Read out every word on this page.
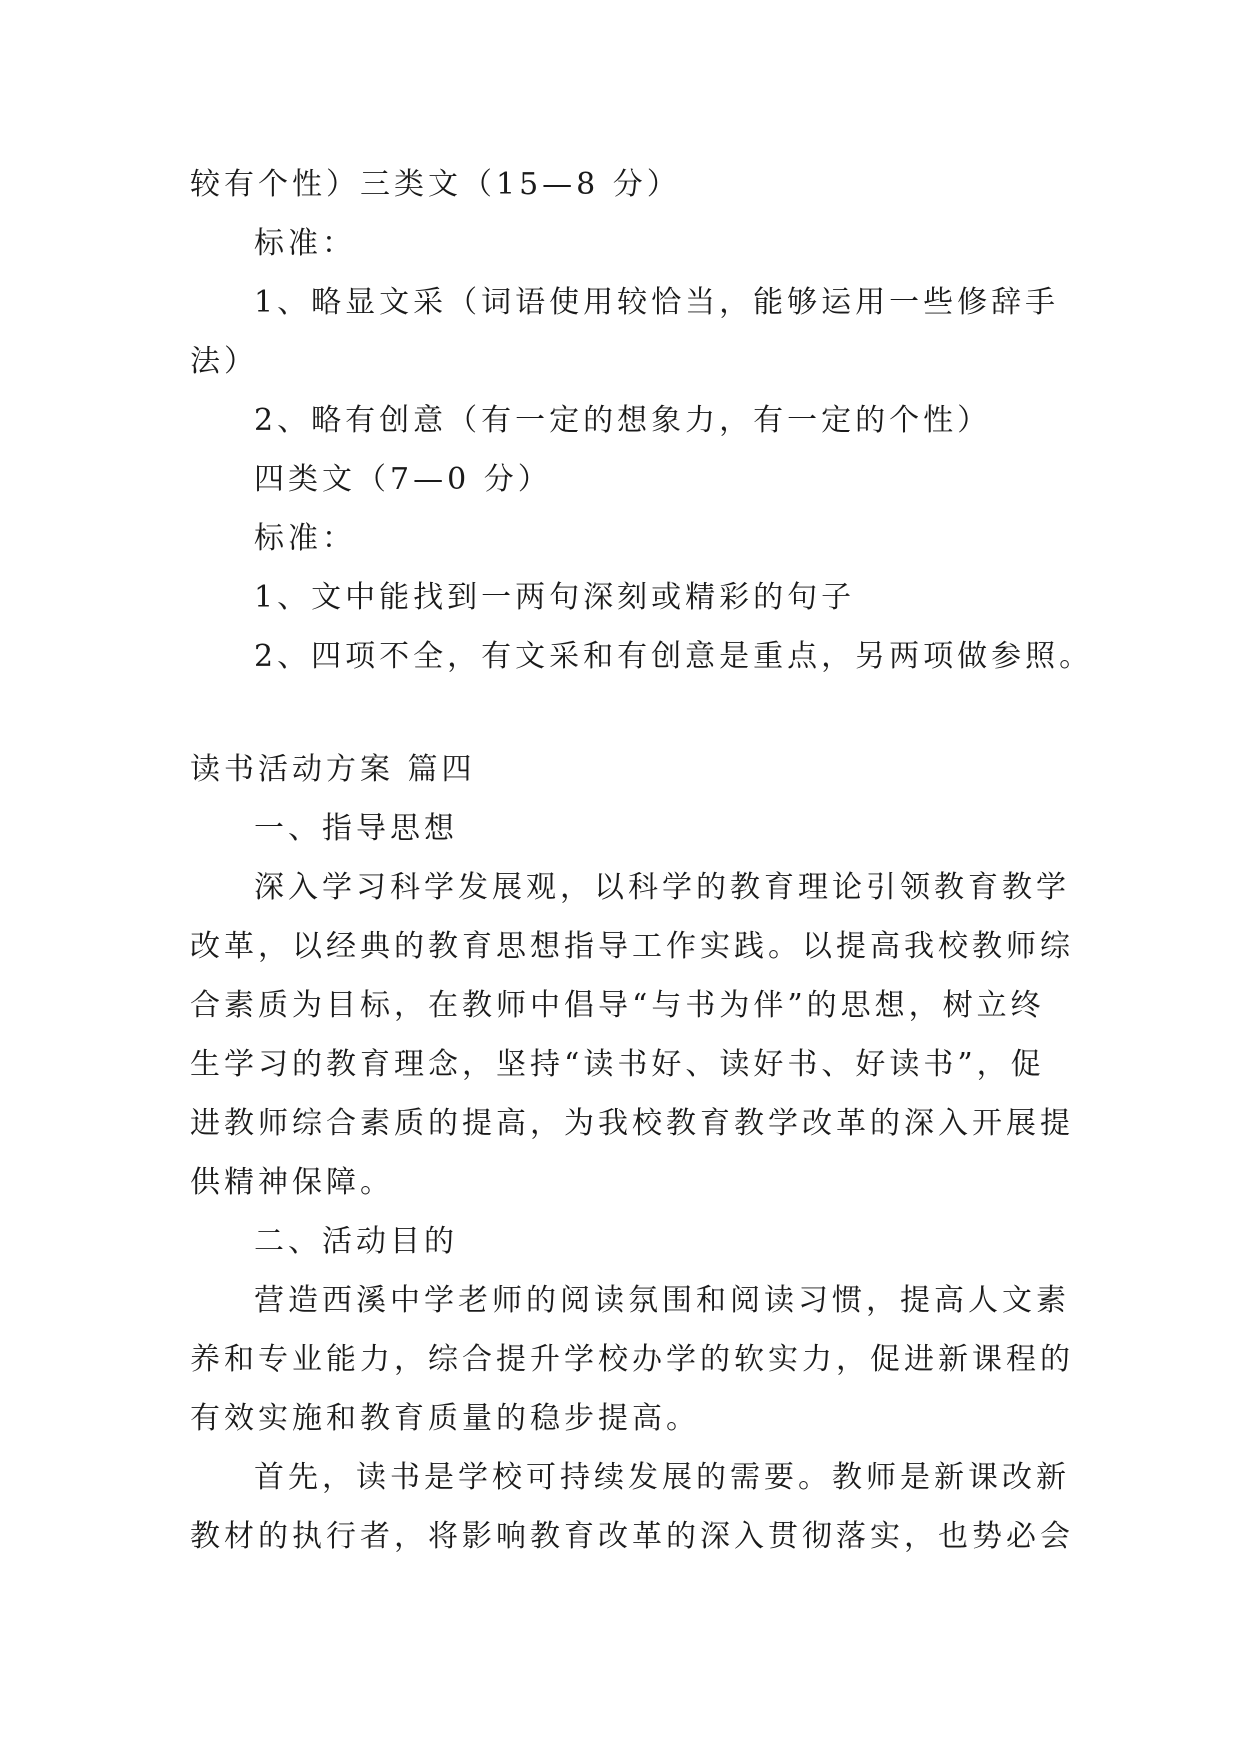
较有个性）三类文（15—8 分）
标准：
1、略显文采（词语使用较恰当，能够运用一些修辞手
法）
2、略有创意（有一定的想象力，有一定的个性）
四类文（7—0 分）
标准：
1、文中能找到一两句深刻或精彩的句子
2、四项不全，有文采和有创意是重点，另两项做参照。
读书活动方案 篇四
一、指导思想
深入学习科学发展观，以科学的教育理论引领教育教学
改革，以经典的教育思想指导工作实践。以提高我校教师综
合素质为目标，在教师中倡导“与书为伴”的思想，树立终
生学习的教育理念，坚持“读书好、读好书、好读书”，促
进教师综合素质的提高，为我校教育教学改革的深入开展提
供精神保障。
二、活动目的
营造西溪中学老师的阅读氛围和阅读习惯，提高人文素
养和专业能力，综合提升学校办学的软实力，促进新课程的
有效实施和教育质量的稳步提高。
首先，读书是学校可持续发展的需要。教师是新课改新
教材的执行者，将影响教育改革的深入贯彻落实，也势必会
